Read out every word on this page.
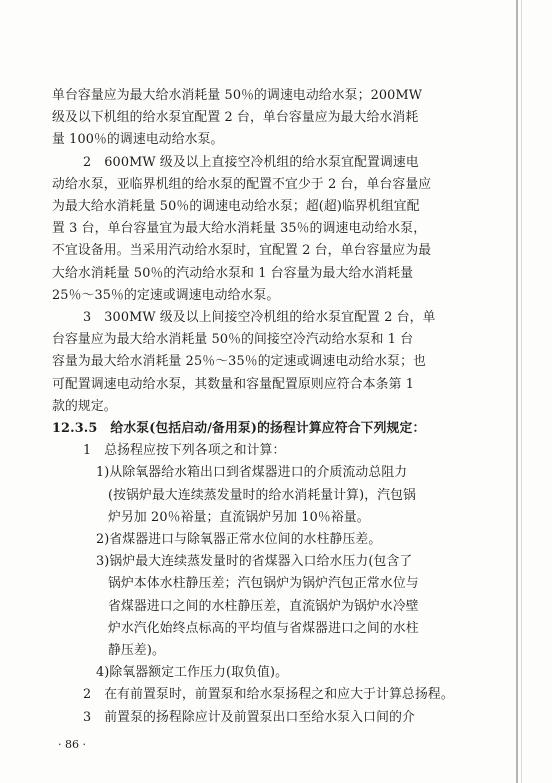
单台容量应为最大给水消耗量 50％的调速电动给水泵；200MW
级及以下机组的给水泵宜配置 2 台，单台容量应为最大给水消耗
量 100％的调速电动给水泵。
2　600MW 级及以上直接空冷机组的给水泵宜配置调速电
动给水泵，亚临界机组的给水泵的配置不宜少于 2 台，单台容量应
为最大给水消耗量 50％的调速电动给水泵；超(超)临界机组宜配
置 3 台，单台容量宜为最大给水消耗量 35％的调速电动给水泵，
不宜设备用。当采用汽动给水泵时，宜配置 2 台，单台容量应为最
大给水消耗量 50％的汽动给水泵和 1 台容量为最大给水消耗量
25％～35％的定速或调速电动给水泵。
3　300MW 级及以上间接空冷机组的给水泵宜配置 2 台，单
台容量应为最大给水消耗量 50％的间接空冷汽动给水泵和 1 台
容量为最大给水消耗量 25％～35％的定速或调速电动给水泵；也
可配置调速电动给水泵，其数量和容量配置原则应符合本条第 1
款的规定。
12.3.5　给水泵(包括启动/备用泵)的扬程计算应符合下列规定：
1　总扬程应按下列各项之和计算：
1)从除氧器给水箱出口到省煤器进口的介质流动总阻力
(按锅炉最大连续蒸发量时的给水消耗量计算)，汽包锅
炉另加 20％裕量；直流锅炉另加 10％裕量。
2)省煤器进口与除氧器正常水位间的水柱静压差。
3)锅炉最大连续蒸发量时的省煤器入口给水压力(包含了
锅炉本体水柱静压差；汽包锅炉为锅炉汽包正常水位与
省煤器进口之间的水柱静压差，直流锅炉为锅炉水冷壁
炉水汽化始终点标高的平均值与省煤器进口之间的水柱
静压差)。
4)除氧器额定工作压力(取负值)。
2　在有前置泵时，前置泵和给水泵扬程之和应大于计算总扬程。
3　前置泵的扬程除应计及前置泵出口至给水泵入口间的介
· 86 ·
